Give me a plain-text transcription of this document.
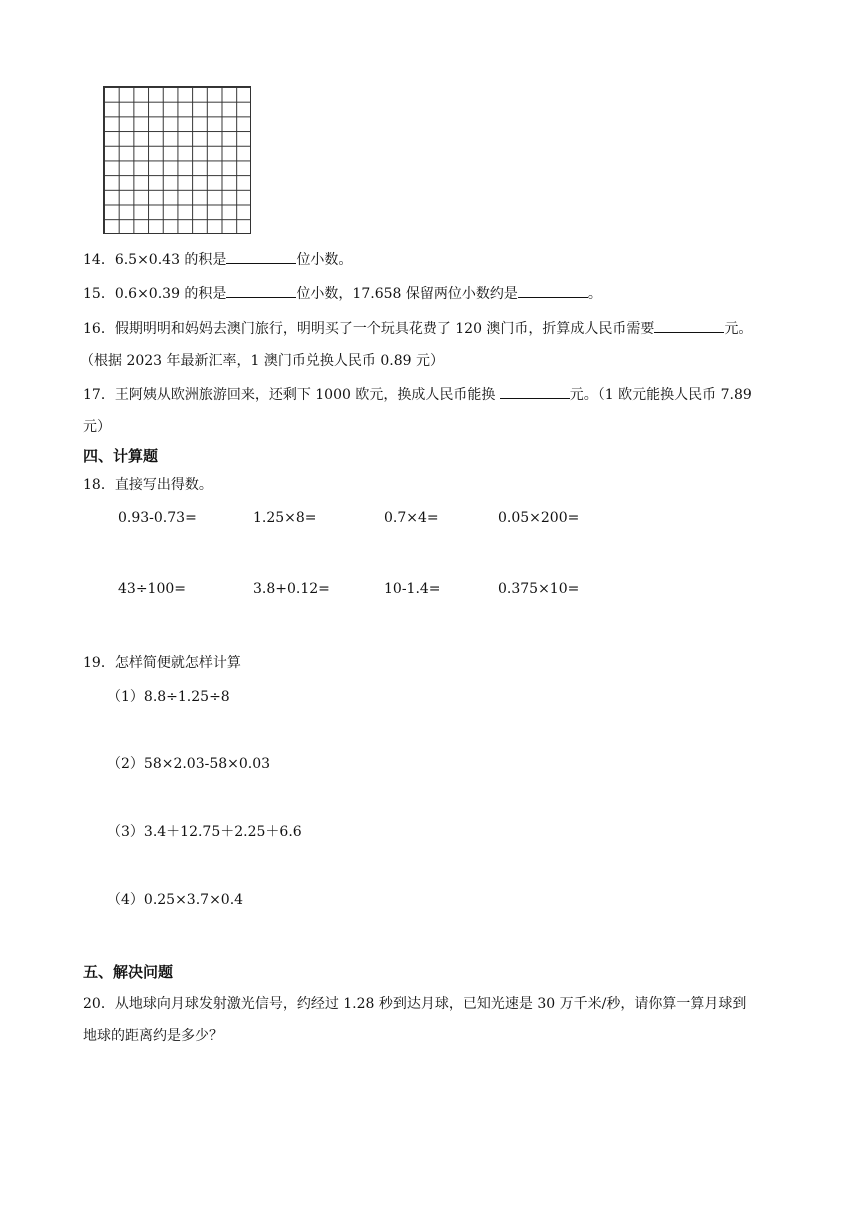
14．6.5×0.43 的积是	位小数。
15．0.6×0.39 的积是	位小数，17.658 保留两位小数约是	。
16．假期明明和妈妈去澳门旅行，明明买了一个玩具花费了 120 澳门币，折算成人民币需要	元。
（根据 2023 年最新汇率，1 澳门币兑换人民币 0.89 元）
17．王阿姨从欧洲旅游回来，还剩下 1000 欧元，换成人民币能换	元。（1 欧元能换人民币 7.89
元）
四、计算题
18．直接写出得数。
0.93-0.73=	1.25×8=	0.7×4=	0.05×200=
43÷100=	3.8+0.12=	10-1.4=	0.375×10=
19．怎样简便就怎样计算
（1）8.8÷1.25÷8
（2）58×2.03-58×0.03
（3）3.4＋12.75＋2.25＋6.6
（4）0.25×3.7×0.4
五、解决问题
20．从地球向月球发射激光信号，约经过 1.28 秒到达月球，已知光速是 30 万千米/秒，请你算一算月球到
地球的距离约是多少？
